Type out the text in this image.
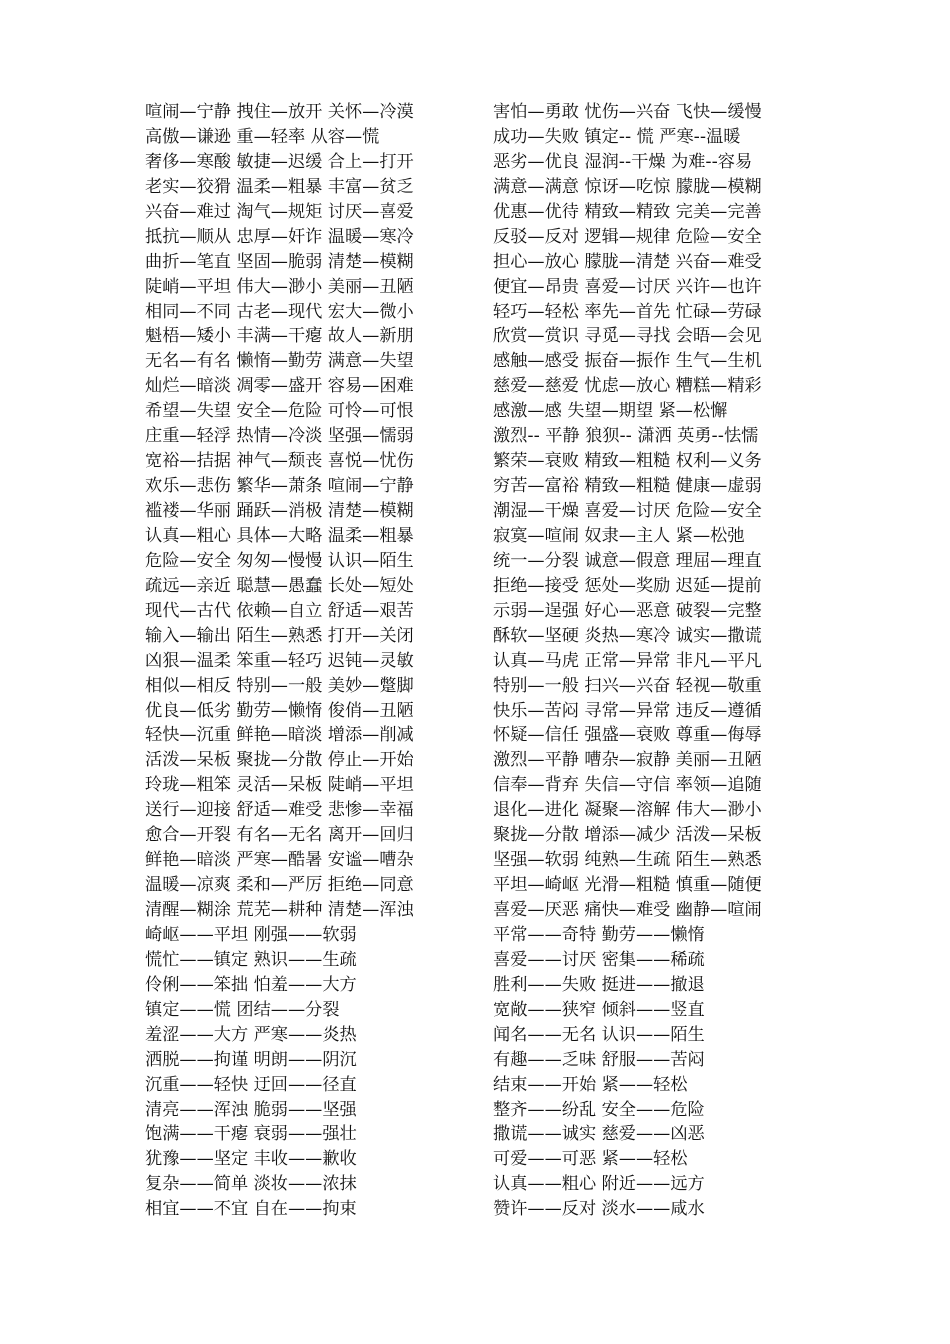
喧闹—宁静 拽住—放开 关怀—冷漠
高傲—谦逊 重—轻率 从容—慌
奢侈—寒酸 敏捷—迟缓 合上—打开
老实—狡猾 温柔—粗暴 丰富—贫乏
兴奋—难过 淘气—规矩 讨厌—喜爱
抵抗—顺从 忠厚—奸诈 温暖—寒冷
曲折—笔直 坚固—脆弱 清楚—模糊
陡峭—平坦 伟大—渺小 美丽—丑陋
相同—不同 古老—现代 宏大—微小
魁梧—矮小 丰满—干瘪 故人—新朋
无名—有名 懒惰—勤劳 满意—失望
灿烂—暗淡 凋零—盛开 容易—困难
希望—失望 安全—危险 可怜—可恨
庄重—轻浮 热情—冷淡 坚强—懦弱
宽裕—拮据 神气—颓丧 喜悦—忧伤
欢乐—悲伤 繁华—萧条 喧闹—宁静
褴褛—华丽 踊跃—消极 清楚—模糊
认真—粗心 具体—大略 温柔—粗暴
危险—安全 匆匆—慢慢 认识—陌生
疏远—亲近 聪慧—愚蠢 长处—短处
现代—古代 依赖—自立 舒适—艰苦
输入—输出 陌生—熟悉 打开—关闭
凶狠—温柔 笨重—轻巧 迟钝—灵敏
相似—相反 特别—一般 美妙—蹩脚
优良—低劣 勤劳—懒惰 俊俏—丑陋
轻快—沉重 鲜艳—暗淡 增添—削减
活泼—呆板 聚拢—分散 停止—开始
玲珑—粗笨 灵活—呆板 陡峭—平坦
送行—迎接 舒适—难受 悲惨—幸福
愈合—开裂 有名—无名 离开—回归
鲜艳—暗淡 严寒—酷暑 安谧—嘈杂
温暖—凉爽 柔和—严厉 拒绝—同意
清醒—糊涂 荒芜—耕种 清楚—浑浊
崎岖——平坦 刚强——软弱
慌忙——镇定 熟识——生疏
伶俐——笨拙 怕羞——大方
镇定——慌 团结——分裂
羞涩——大方 严寒——炎热
洒脱——拘谨 明朗——阴沉
沉重——轻快 迂回——径直
清亮——浑浊 脆弱——坚强
饱满——干瘪 衰弱——强壮
犹豫——坚定 丰收——歉收
复杂——简单 淡妆——浓抹
相宜——不宜 自在——拘束
害怕—勇敢 忧伤—兴奋 飞快—缓慢
成功—失败 镇定-- 慌 严寒--温暖
恶劣—优良 湿润--干燥 为难--容易
满意—满意 惊讶—吃惊 朦胧—模糊
优惠—优待 精致—精致 完美—完善
反驳—反对 逻辑—规律 危险—安全
担心—放心 朦胧—清楚 兴奋—难受
便宜—昂贵 喜爱—讨厌 兴许—也许
轻巧—轻松 率先—首先 忙碌—劳碌
欣赏—赏识 寻觅—寻找 会晤—会见
感触—感受 振奋—振作 生气—生机
慈爱—慈爱 忧虑—放心 糟糕—精彩
感激—感 失望—期望 紧—松懈
激烈-- 平静 狼狈-- 潇洒 英勇--怯懦
繁荣—衰败 精致—粗糙 权利—义务
穷苦—富裕 精致—粗糙 健康—虚弱
潮湿—干燥 喜爱—讨厌 危险—安全
寂寞—喧闹 奴隶—主人 紧—松弛
统一—分裂 诚意—假意 理屈—理直
拒绝—接受 惩处—奖励 迟延—提前
示弱—逞强 好心—恶意 破裂—完整
酥软—坚硬 炎热—寒冷 诚实—撒谎
认真—马虎 正常—异常 非凡—平凡
特别—一般 扫兴—兴奋 轻视—敬重
快乐—苦闷 寻常—异常 违反—遵循
怀疑—信任 强盛—衰败 尊重—侮辱
激烈—平静 嘈杂—寂静 美丽—丑陋
信奉—背弃 失信—守信 率领—追随
退化—进化 凝聚—溶解 伟大—渺小
聚拢—分散 增添—减少 活泼—呆板
坚强—软弱 纯熟—生疏 陌生—熟悉
平坦—崎岖 光滑—粗糙 慎重—随便
喜爱—厌恶 痛快—难受 幽静—喧闹
平常——奇特 勤劳——懒惰
喜爱——讨厌 密集——稀疏
胜利——失败 挺进——撤退
宽敞——狭窄 倾斜——竖直
闻名——无名 认识——陌生
有趣——乏味 舒服——苦闷
结束——开始 紧——轻松
整齐——纷乱 安全——危险
撒谎——诚实 慈爱——凶恶
可爱——可恶 紧——轻松
认真——粗心 附近——远方
赞许——反对 淡水——咸水
